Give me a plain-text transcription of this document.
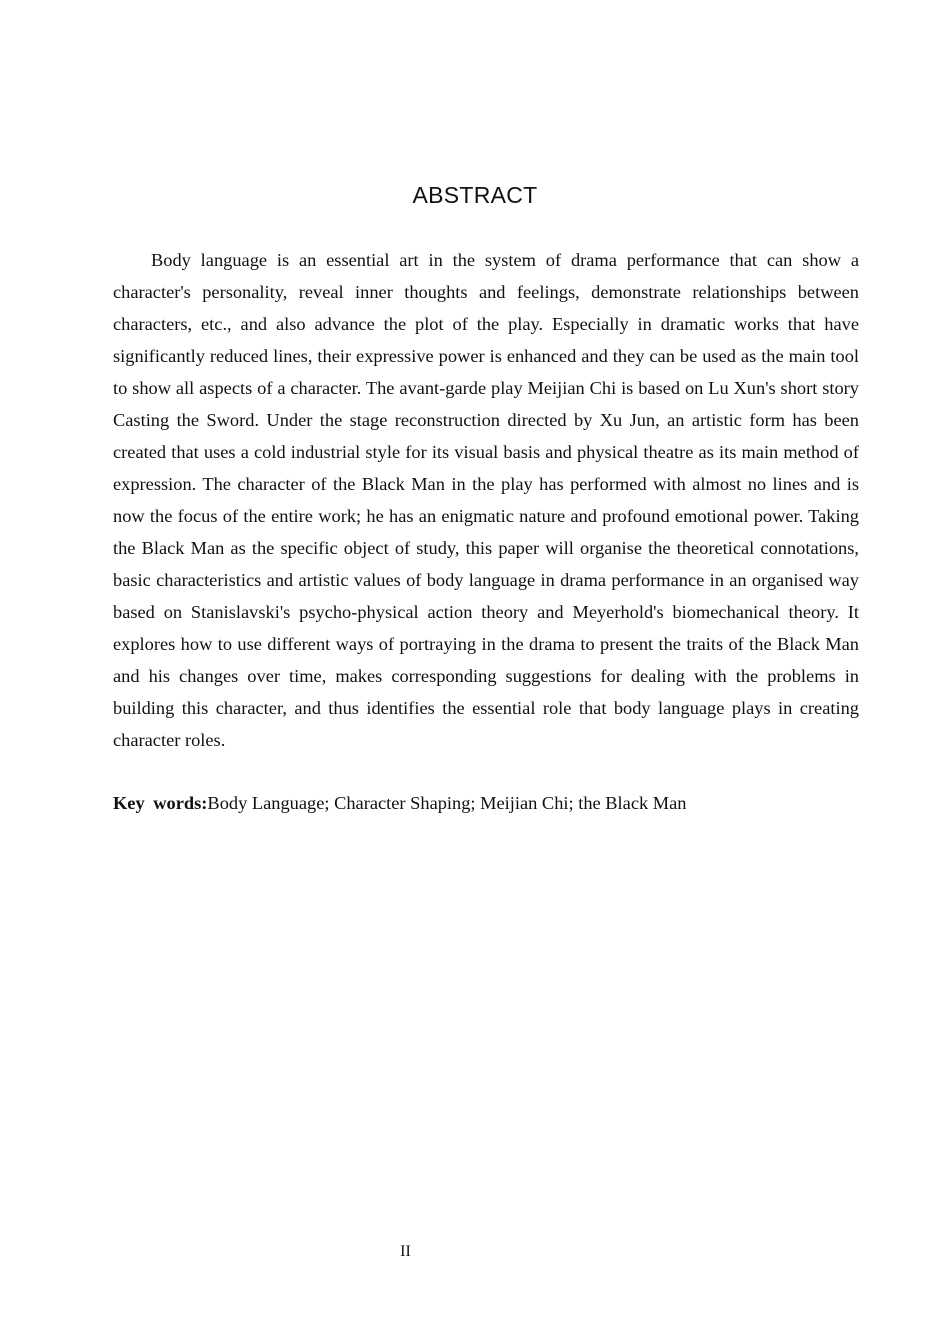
ABSTRACT

Body language is an essential art in the system of drama performance that can show a character's personality, reveal inner thoughts and feelings, demonstrate relationships between characters, etc., and also advance the plot of the play. Especially in dramatic works that have significantly reduced lines, their expressive power is enhanced and they can be used as the main tool to show all aspects of a character. The avant-garde play Meijian Chi is based on Lu Xun's short story Casting the Sword. Under the stage reconstruction directed by Xu Jun, an artistic form has been created that uses a cold industrial style for its visual basis and physical theatre as its main method of expression. The character of the Black Man in the play has performed with almost no lines and is now the focus of the entire work; he has an enigmatic nature and profound emotional power. Taking the Black Man as the specific object of study, this paper will organise the theoretical connotations, basic characteristics and artistic values of body language in drama performance in an organised way based on Stanislavski's psycho-physical action theory and Meyerhold's biomechanical theory. It explores how to use different ways of portraying in the drama to present the traits of the Black Man and his changes over time, makes corresponding suggestions for dealing with the problems in building this character, and thus identifies the essential role that body language plays in creating character roles.

Key words:Body Language; Character Shaping; Meijian Chi; the Black Man

II
